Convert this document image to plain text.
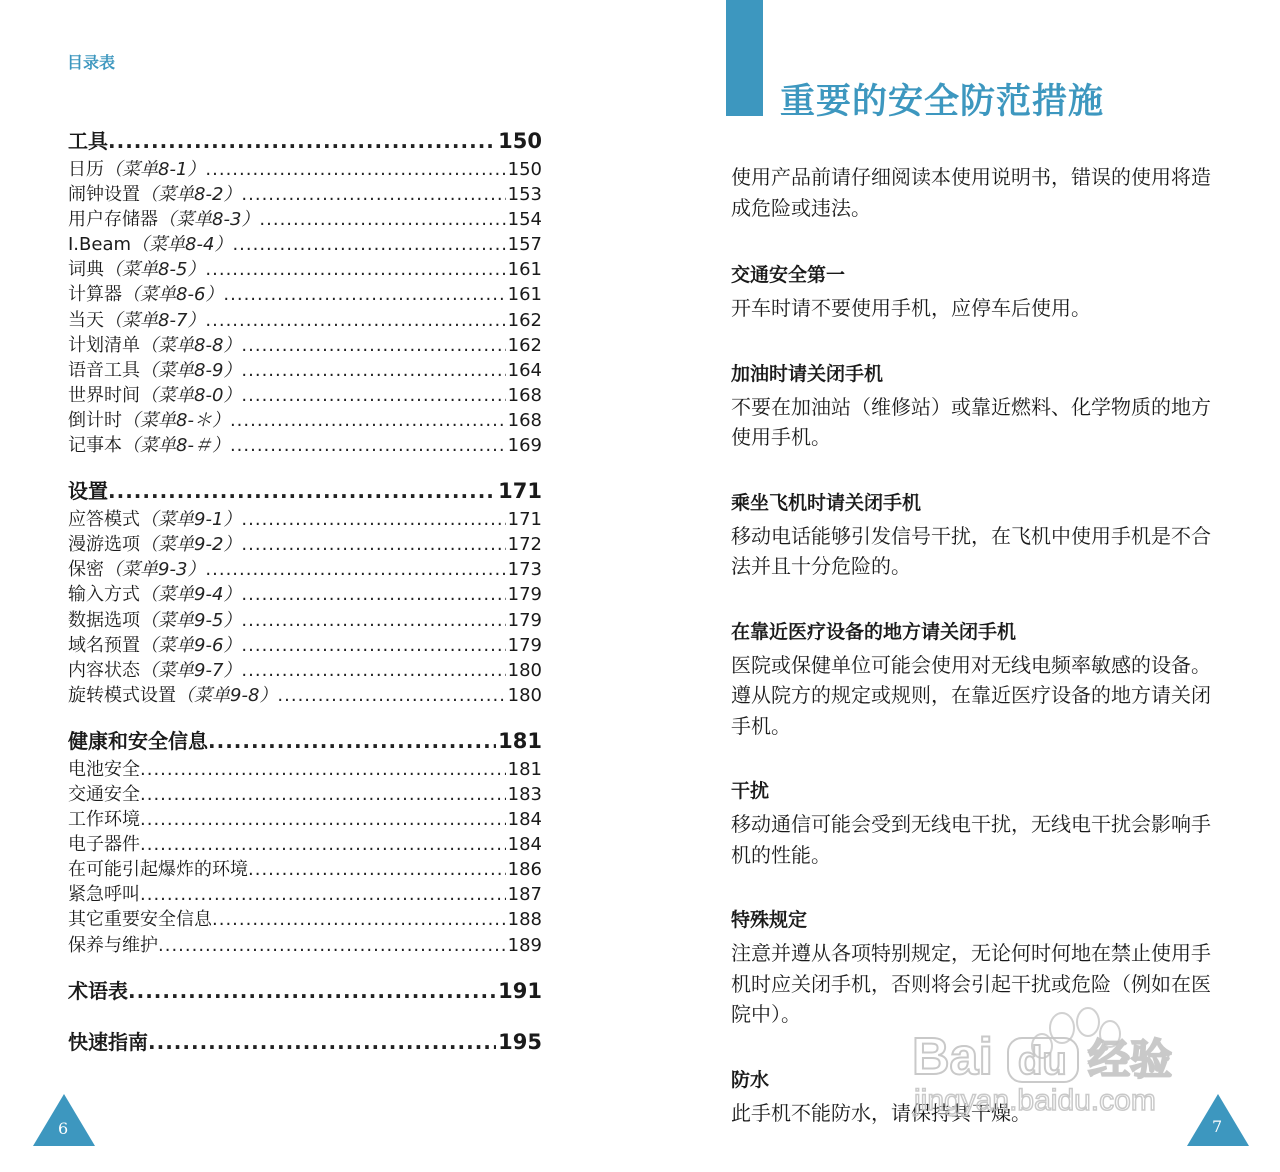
目录表
工具 .....	150
日历 （菜单8-1） .....	150
闹钟设置 （菜单8-2） .....	153
用户存储器 （菜单8-3） .....	154
I.Beam （菜单8-4） .....	157
词典 （菜单8-5） .....	161
计算器 （菜单8-6） .....	161
当天 （菜单8-7） .....	162
计划清单 （菜单8-8） .....	162
语音工具 （菜单8-9） .....	164
世界时间 （菜单8-0） .....	168
倒计时 （菜单8-＊） .....	168
记事本 （菜单8-＃） .....	169
设置 .....	171
应答模式 （菜单9-1） .....	171
漫游选项 （菜单9-2） .....	172
保密 （菜单9-3） .....	173
输入方式 （菜单9-4） .....	179
数据选项 （菜单9-5） .....	179
域名预置 （菜单9-6） .....	179
内容状态 （菜单9-7） .....	180
旋转模式设置 （菜单9-8） .....	180
健康和安全信息 .....	181
电池安全 .....	181
交通安全 .....	183
工作环境 .....	184
电子器件 .....	184
在可能引起爆炸的环境 .....	186
紧急呼叫 .....	187
其它重要安全信息 .....	188
保养与维护 .....	189
术语表 .....	191
快速指南 .....	195
6
重要的安全防范措施

使用产品前请仔细阅读本使用说明书，错误的使用将造成危险或违法。

交通安全第一

开车时请不要使用手机，应停车后使用。

加油时请关闭手机

不要在加油站（维修站）或靠近燃料、化学物质的地方使用手机。

乘坐飞机时请关闭手机

移动电话能够引发信号干扰，在飞机中使用手机是不合法并且十分危险的。

在靠近医疗设备的地方请关闭手机

医院或保健单位可能会使用对无线电频率敏感的设备。遵从院方的规定或规则，在靠近医疗设备的地方请关闭手机。

干扰

移动通信可能会受到无线电干扰，无线电干扰会影响手机的性能。

特殊规定

注意并遵从各项特别规定，无论何时何地在禁止使用手机时应关闭手机，否则将会引起干扰或危险（例如在医院中）。

防水

此手机不能防水，请保持其干燥。

7
Bai du 经验
jingyan.baidu.com
